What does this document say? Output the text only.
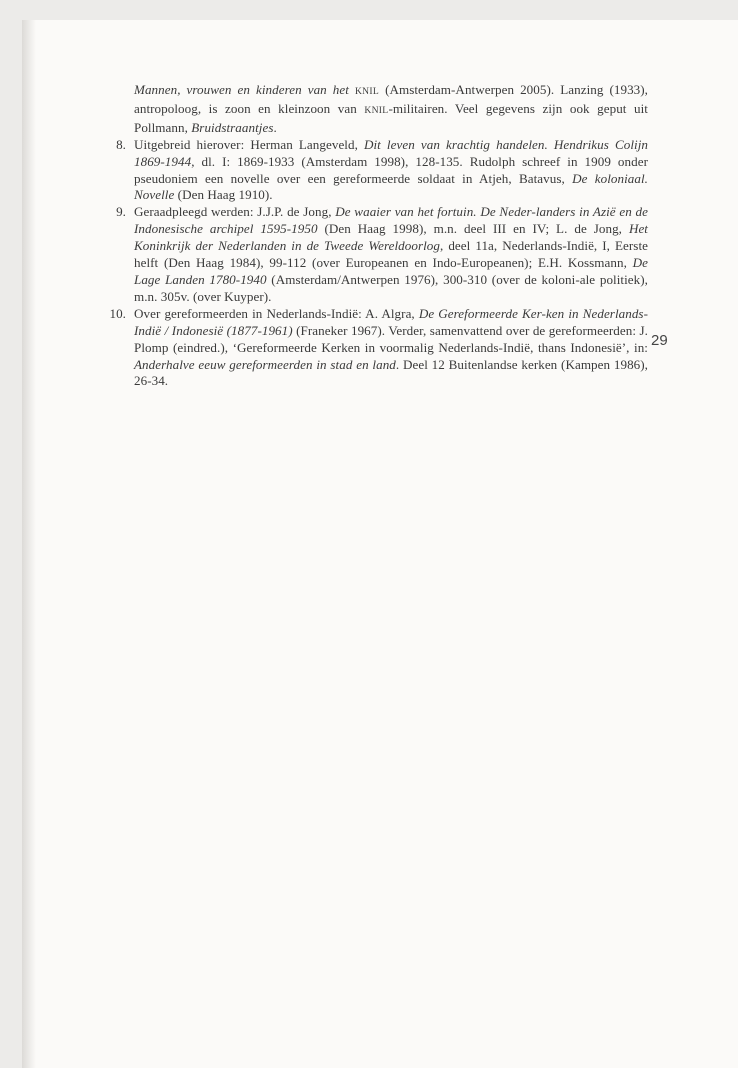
Mannen, vrouwen en kinderen van het KNIL (Amsterdam-Antwerpen 2005). Lanzing (1933), antropoloog, is zoon en kleinzoon van KNIL-militairen. Veel gegevens zijn ook geput uit Pollmann, Bruidstraantjes.
8. Uitgebreid hierover: Herman Langeveld, Dit leven van krachtig handelen. Hendrikus Colijn 1869-1944, dl. I: 1869-1933 (Amsterdam 1998), 128-135. Rudolph schreef in 1909 onder pseudoniem een novelle over een gereformeerde soldaat in Atjeh, Batavus, De koloniaal. Novelle (Den Haag 1910).
9. Geraadpleegd werden: J.J.P. de Jong, De waaier van het fortuin. De Neder-landers in Azië en de Indonesische archipel 1595-1950 (Den Haag 1998), m.n. deel III en IV; L. de Jong, Het Koninkrijk der Nederlanden in de Tweede Wereldoorlog, deel 11a, Nederlands-Indië, I, Eerste helft (Den Haag 1984), 99-112 (over Europeanen en Indo-Europeanen); E.H. Kossmann, De Lage Landen 1780-1940 (Amsterdam/Antwerpen 1976), 300-310 (over de koloni-ale politiek), m.n. 305v. (over Kuyper).
10. Over gereformeerden in Nederlands-Indië: A. Algra, De Gereformeerde Ker-ken in Nederlands-Indië / Indonesië (1877-1961) (Franeker 1967). Verder, samenvattend over de gereformeerden: J. Plomp (eindred.), ‘Gereformeerde Kerken in voormalig Nederlands-Indië, thans Indonesië’, in: Anderhalve eeuw gereformeerden in stad en land. Deel 12 Buitenlandse kerken (Kampen 1986), 26-34.
29
